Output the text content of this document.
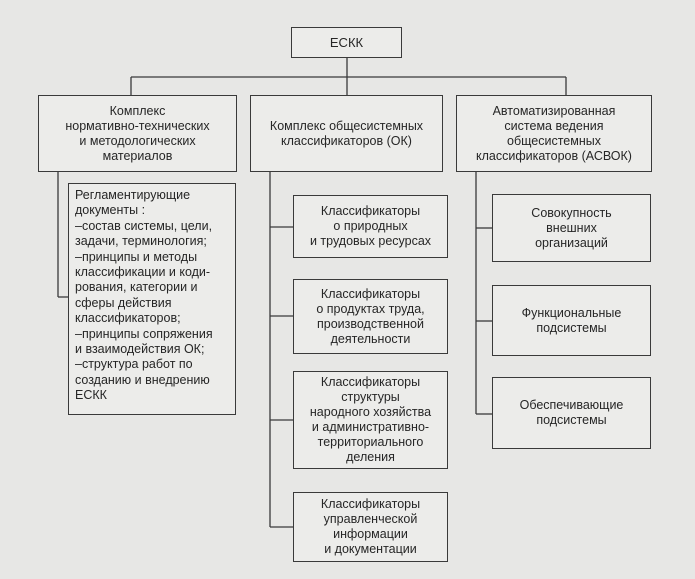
ЕСКК
Комплекс
нормативно-технических
и методологических
материалов
Комплекс общесистемных
классификаторов (ОК)
Автоматизированная
система ведения
общесистемных
классификаторов (АСВОК)
Регламентирующие
документы :
–состав системы, цели,
задачи, терминология;
–принципы и методы
классификации и коди-
рования, категории и
сферы действия
классификаторов;
–принципы сопряжения
и взаимодействия ОК;
–структура работ по
созданию и внедрению
ЕСКК
Классификаторы
о природных
и трудовых ресурсах
Классификаторы
о продуктах труда,
производственной
деятельности
Классификаторы
структуры
народного хозяйства
и административно-
территориального
деления
Классификаторы
управленческой
информации
и документации
Совокупность
внешних
организаций
Функциональные
подсистемы
Обеспечивающие
подсистемы
